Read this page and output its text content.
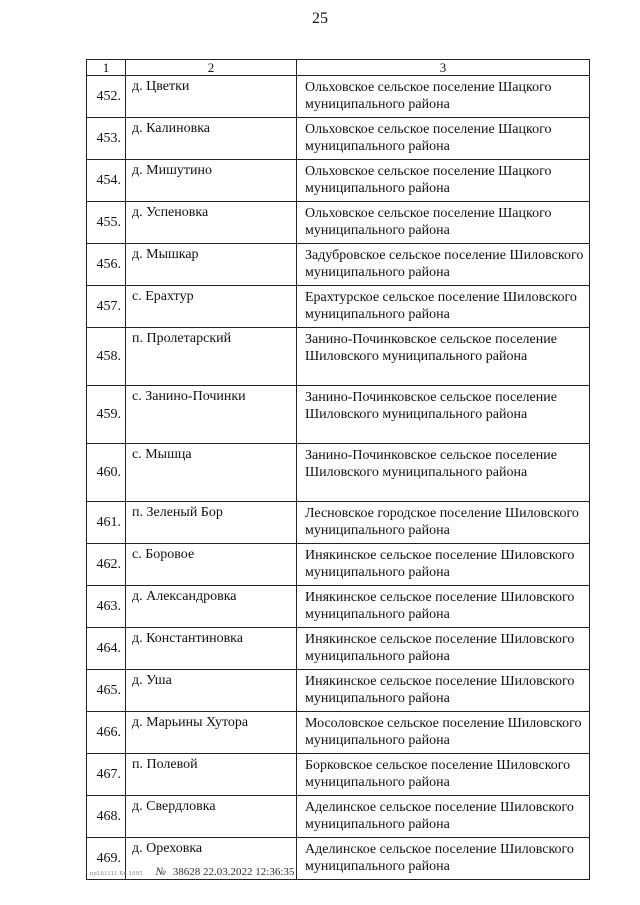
25
1	2	3
452.	д. Цветки	Ольховское сельское поселение Шацкого муниципального района
453.	д. Калиновка	Ольховское сельское поселение Шацкого муниципального района
454.	д. Мишутино	Ольховское сельское поселение Шацкого муниципального района
455.	д. Успеновка	Ольховское сельское поселение Шацкого муниципального района
456.	д. Мышкар	Задубровское сельское поселение Шиловского муниципального района
457.	с. Ерахтур	Ерахтурское сельское поселение Шиловского муниципального района
458.	п. Пролетарский	Занино-Починковское сельское поселение Шиловского муниципального района
459.	с. Занино-Починки	Занино-Починковское сельское поселение Шиловского муниципального района
460.	с. Мышца	Занино-Починковское сельское поселение Шиловского муниципального района
461.	п. Зеленый Бор	Лесновское городское поселение Шиловского муниципального района
462.	с. Боровое	Инякинское сельское поселение Шиловского муниципального района
463.	д. Александровка	Инякинское сельское поселение Шиловского муниципального района
464.	д. Константиновка	Инякинское сельское поселение Шиловского муниципального района
465.	д. Уша	Инякинское сельское поселение Шиловского муниципального района
466.	д. Марьины Хутора	Мосоловское сельское поселение Шиловского муниципального района
467.	п. Полевой	Борковское сельское поселение Шиловского муниципального района
468.	д. Свердловка	Аделинское сельское поселение Шиловского муниципального района
469.	д. Ореховка	Аделинское сельское поселение Шиловского муниципального района
пр161111 Бк 1095 № 38628 22.03.2022 12:36:35
